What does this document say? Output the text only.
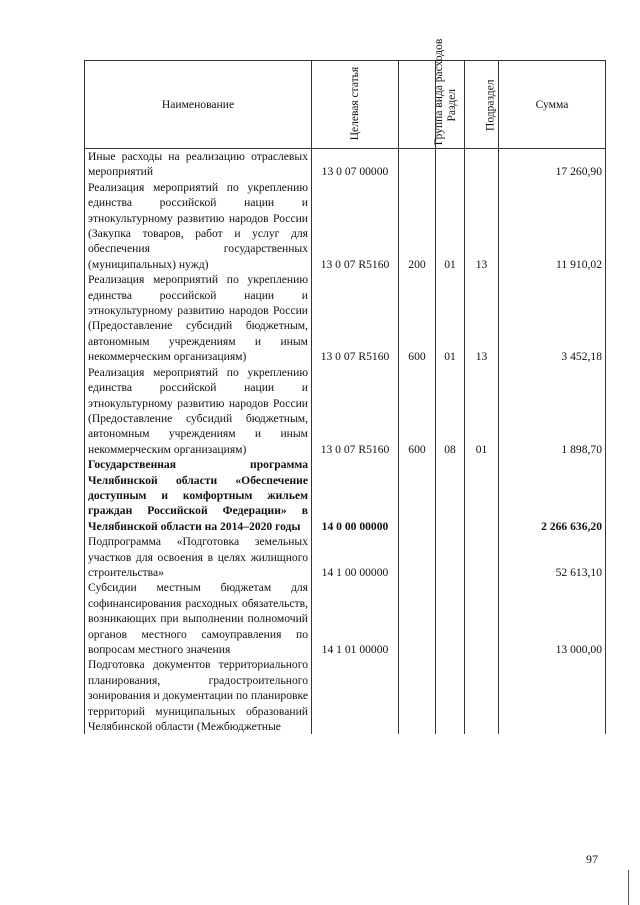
Наименование	Целевая статья	Группа вида расходов	Раздел	Подраздел	Сумма
Иные расходы на реализацию отраслевых мероприятий	13 0 07 00000				17 260,90
Реализация мероприятий по укреплению единства российской нации и этнокультурному развитию народов России (Закупка товаров, работ и услуг для обеспечения государственных (муниципальных) нужд)	13 0 07 R5160	200	01	13	11 910,02
Реализация мероприятий по укреплению единства российской нации и этнокультурному развитию народов России (Предоставление субсидий бюджетным, автономным учреждениям и иным некоммерческим организациям)	13 0 07 R5160	600	01	13	3 452,18
Реализация мероприятий по укреплению единства российской нации и этнокультурному развитию народов России (Предоставление субсидий бюджетным, автономным учреждениям и иным некоммерческим организациям)	13 0 07 R5160	600	08	01	1 898,70
Государственная программа Челябинской области «Обеспечение доступным и комфортным жильем граждан Российской Федерации» в Челябинской области на 2014–2020 годы	14 0 00 00000				2 266 636,20
Подпрограмма «Подготовка земельных участков для освоения в целях жилищного строительства»	14 1 00 00000				52 613,10
Субсидии местным бюджетам для софинансирования расходных обязательств, возникающих при выполнении полномочий органов местного самоуправления по вопросам местного значения	14 1 01 00000				13 000,00
Подготовка документов территориального планирования, градостроительного зонирования и документации по планировке территорий муниципальных образований Челябинской области (Межбюджетные					
97
